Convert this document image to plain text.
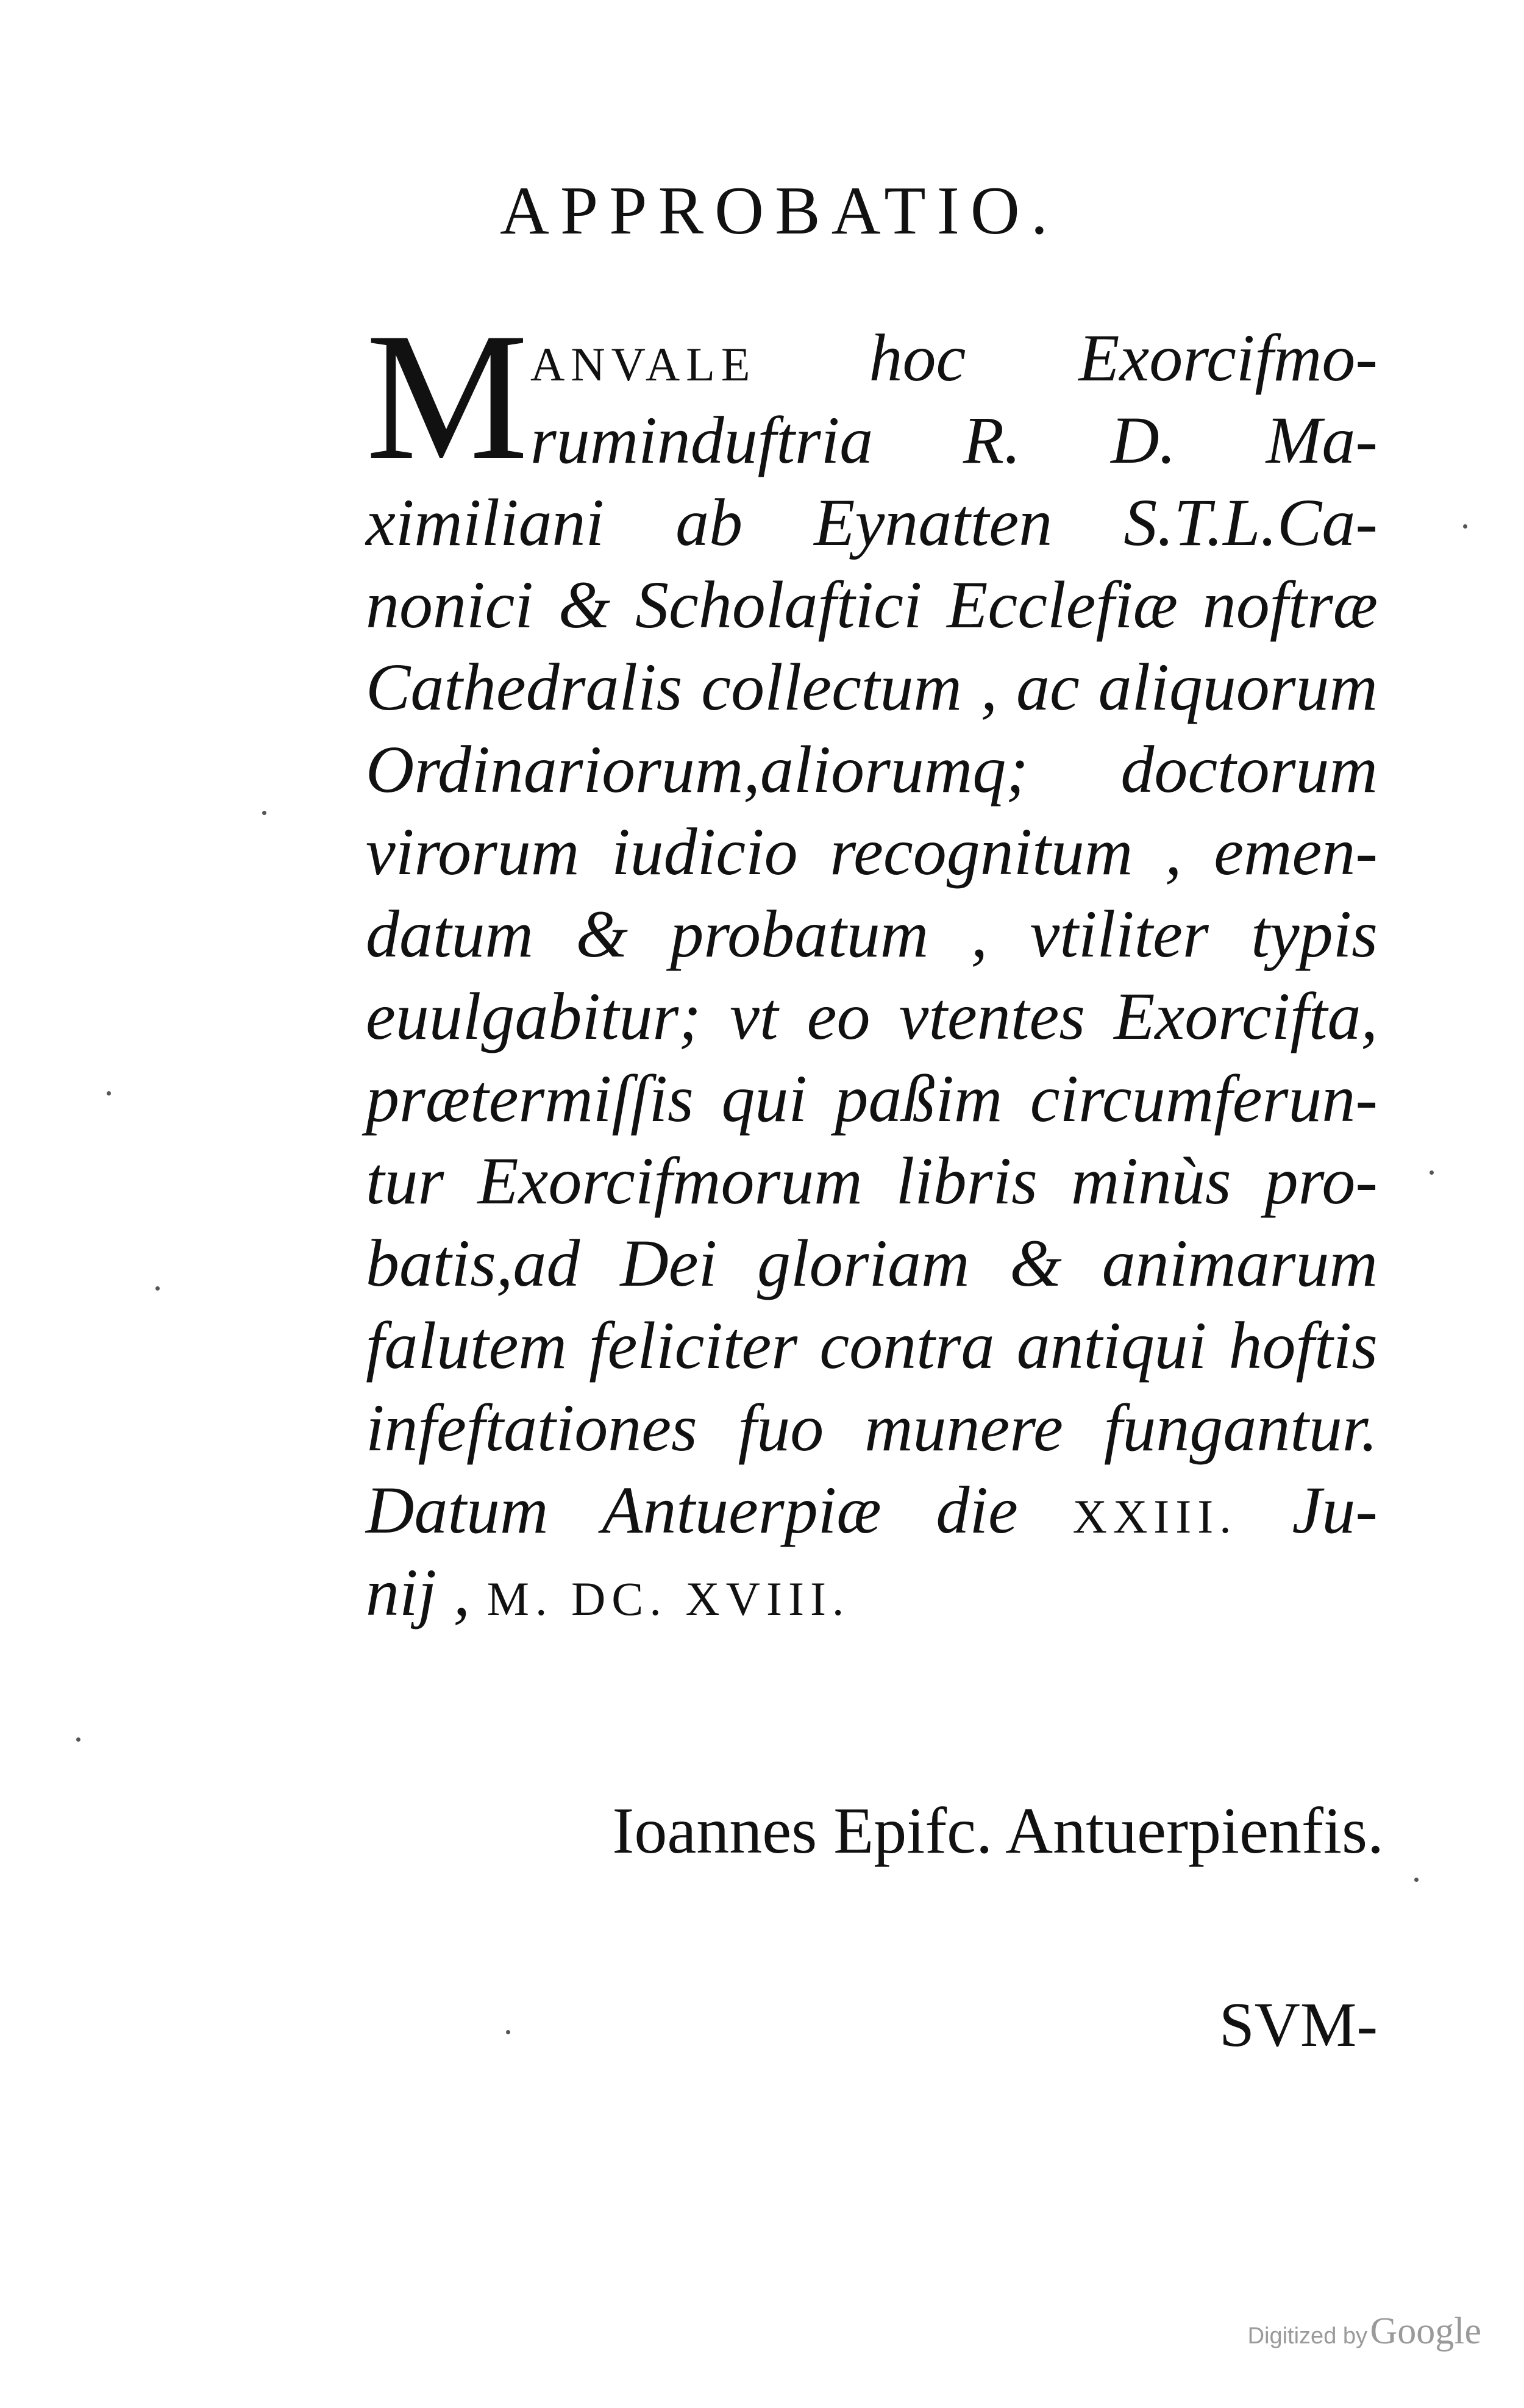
APPROBATIO.
M ANVALE hoc Exorcifmo-
ruminduftria R. D. Ma-
ximiliani ab Eynatten S.T.L.Ca-
nonici & Scholaftici Ecclefiæ noftræ
Cathedralis collectum , ac aliquorum
Ordinariorum,aliorumq; doctorum
virorum iudicio recognitum , emen-
datum & probatum , vtiliter typis
euulgabitur; vt eo vtentes Exorcifta,
prætermiſſis qui paßim circumferun-
tur Exorcifmorum libris minùs pro-
batis,ad Dei gloriam & animarum
falutem feliciter contra antiqui hoftis
infeftationes fuo munere fungantur.
Datum Antuerpiæ die XXIII. Ju-
nij , M. DC. XVIII.
Ioannes Epifc. Antuerpienfis.
SVM-
Digitized by Google
